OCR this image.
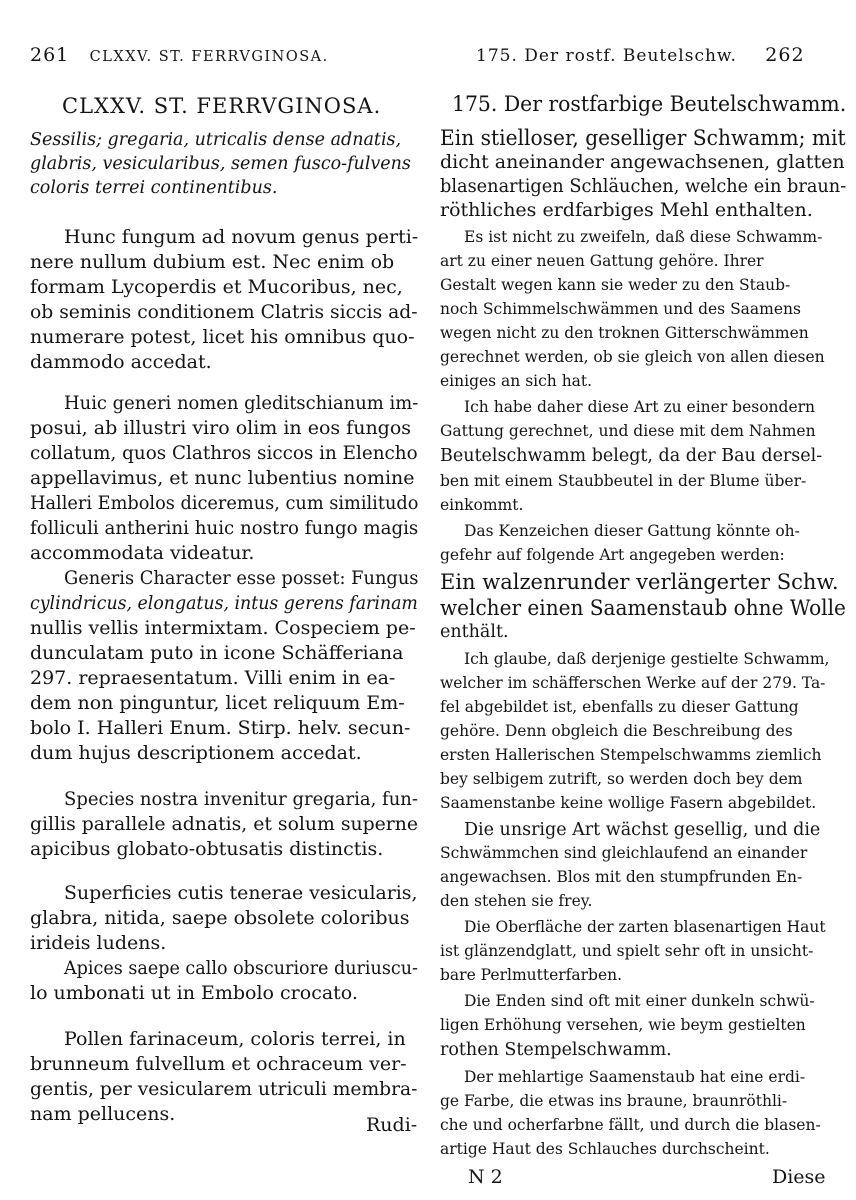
261 CLXXV. ST. FERRVGINOSA.
CLXXV. ST. FERRVGINOSA.
Sessilis; gregaria, utricalis dense adnatis,
glabris, vesicularibus, semen fusco-fulvens
coloris terrei continentibus.
Hunc fungum ad novum genus perti-
nere nullum dubium est. Nec enim ob
formam Lycoperdis et Mucoribus, nec,
ob seminis conditionem Clatris siccis ad-
numerare potest, licet his omnibus quo-
dammodo accedat.
Huic generi nomen gleditschianum im-
posui, ab illustri viro olim in eos fungos
collatum, quos Clathros siccos in Elencho
appellavimus, et nunc lubentius nomine
Halleri Embolos diceremus, cum similitudo
folliculi antherini huic nostro fungo magis
accommodata videatur.
Generis Character esse posset: Fungus
cylindricus, elongatus, intus gerens farinam
nullis vellis intermixtam. Cospeciem pe-
dunculatam puto in icone Schäfferiana
297. repraesentatum. Villi enim in ea-
dem non pinguntur, licet reliquum Em-
bolo I. Halleri Enum. Stirp. helv. secun-
dum hujus descriptionem accedat.
Species nostra invenitur gregaria, fun-
gillis parallele adnatis, et solum superne
apicibus globato-obtusatis distinctis.
Superficies cutis tenerae vesicularis,
glabra, nitida, saepe obsolete coloribus
irideis ludens.
Apices saepe callo obscuriore duriuscu-
lo umbonati ut in Embolo crocato.
Pollen farinaceum, coloris terrei, in
brunneum fulvellum et ochraceum ver-
gentis, per vesicularem utriculi membra-
nam pellucens.	Rudi-
175. Der rostf. Beutelschw. 262
175. Der rostfarbige Beutelschwamm.
Ein stielloser, geselliger Schwamm; mit
dicht aneinander angewachsenen, glatten
blasenartigen Schläuchen, welche ein braun-
röthliches erdfarbiges Mehl enthalten.
Es ist nicht zu zweifeln, daß diese Schwamm-
art zu einer neuen Gattung gehöre. Ihrer
Gestalt wegen kann sie weder zu den Staub-
noch Schimmelschwämmen und des Saamens
wegen nicht zu den troknen Gitterschwämmen
gerechnet werden, ob sie gleich von allen diesen
einiges an sich hat.
Ich habe daher diese Art zu einer besondern
Gattung gerechnet, und diese mit dem Nahmen
Beutelschwamm belegt, da der Bau dersel-
ben mit einem Staubbeutel in der Blume über-
einkommt.
Das Kenzeichen dieser Gattung könnte oh-
gefehr auf folgende Art angegeben werden:
Ein walzenrunder verlängerter Schw.
welcher einen Saamenstaub ohne Wolle
enthält.
Ich glaube, daß derjenige gestielte Schwamm,
welcher im schäfferschen Werke auf der 279. Ta-
fel abgebildet ist, ebenfalls zu dieser Gattung
gehöre. Denn obgleich die Beschreibung des
ersten Hallerischen Stempelschwamms ziemlich
bey selbigem zutrift, so werden doch bey dem
Saamenstanbe keine wollige Fasern abgebildet.
Die unsrige Art wächst gesellig, und die
Schwämmchen sind gleichlaufend an einander
angewachsen. Blos mit den stumpfrunden En-
den stehen sie frey.
Die Oberfläche der zarten blasenartigen Haut
ist glänzendglatt, und spielt sehr oft in unsicht-
bare Perlmutterfarben.
Die Enden sind oft mit einer dunkeln schwü-
ligen Erhöhung versehen, wie beym gestielten
rothen Stempelschwamm.
Der mehlartige Saamenstaub hat eine erdi-
ge Farbe, die etwas ins braune, braunröthli-
che und ocherfarbne fällt, und durch die blasen-
artige Haut des Schlauches durchscheint.
N 2	Diese
